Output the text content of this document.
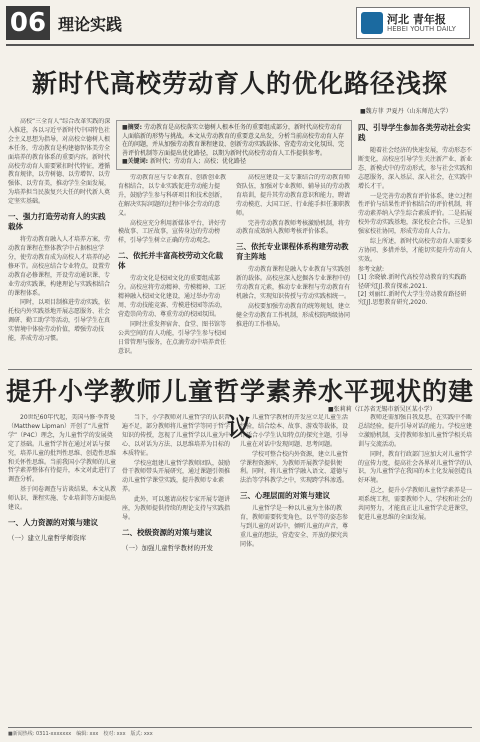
06 理论实践	河北 青年报
HEBEI YOUTH DAILY
新时代高校劳动育人的优化路径浅探
■魏方菲 尹夏丹（山东师范大学）
■摘要: 劳动教育是高校落实立德树人根本任务的重要组成部分，新时代高校劳动育人面临新的形势与挑战。本文从劳动教育的重要意义出发，分析当前高校劳动育人存在的问题，并从加强劳动教育课程建设、创新劳动实践载体、营造劳动文化氛围、完善评价机制等方面提出优化路径，以期为新时代高校劳动育人工作提供参考。
■关键词: 新时代；劳动育人；高校；优化路径

高校“三全育人”综合改革实践的深入推进，各以习近平新时代中国特色社会主义思想为指导，对高校立德树人根本任务，劳动教育是构建德智体美劳全面培养的教育体系的重要内容。新时代高校劳动育人需要紧扣时代特征，遵循教育规律，以劳树德、以劳增智、以劳强体、以劳育美，推动学生全面发展，为培养担当民族复兴大任的时代新人奠定坚实基础。

一、强力打造劳动育人的实践载体

将劳动教育融入人才培养方案，劳动教育课程在整体教学中占据相应学分，使劳动教育成为高校人才培养的必修环节。高校应结合专业特点，设置劳动教育必修课程，开设劳动通识课、专业劳动实践课，构建理论与实践相结合的课程体系。

同时，以项目制推进劳动实践，依托校内外实践基地开展志愿服务、社会调研、勤工助学等活动，引导学生在真实情境中体验劳动价值，增强劳动技能，养成劳动习惯。

劳动教育应与专业教育、创新创业教育相结合，以专业实践促进劳动能力提升，鼓励学生参与科研项目和技术创新，在解决实际问题的过程中体会劳动的意义。

高校应充分利用新媒体平台，讲好劳模故事、工匠故事，宣传身边的劳动榜样，引导学生树立正确的劳动观念。

二、依托并丰富高校劳动文化载体

劳动文化是校园文化的重要组成部分。高校应将劳动精神、劳模精神、工匠精神融入校园文化建设，通过举办劳动周、劳动技能竞赛、劳模进校园等活动，营造崇尚劳动、尊重劳动的校园氛围。

同时注重发挥宿舍、食堂、图书馆等公共空间的育人功能，引导学生参与校园日常管理与服务，在点滴劳动中培养责任意识。

高校应建设一支专兼结合的劳动教育师资队伍，加强对专业教师、辅导员的劳动教育培训，提升其劳动教育意识和能力，聘请劳动模范、大国工匠、行业能手担任兼职教师。

完善劳动教育教师考核激励机制，将劳动教育成效纳入教师考核评价体系。

三、依托专业课程体系构建劳动教育主阵地

劳动教育课程是融入专业教育与实践创新的载体。高校应深入挖掘各专业课程中的劳动教育元素，推动专业课程与劳动教育有机融合，实现知识传授与劳动实践相统一。

高校要加强劳动教育的统筹规划，建立健全劳动教育工作机制，形成校院两级协同推进的工作格局。

四、引导学生参加各类劳动社会实践

随着社会经济的快速发展，劳动形态不断变化，高校应引导学生关注新产业、新业态、新模式中的劳动形式，参与社会实践和志愿服务，深入基层、深入社会，在实践中增长才干。

一是完善劳动教育评价体系，建立过程性评价与结果性评价相结合的评价机制，将劳动素养纳入学生综合素质评价。二是拓展校外劳动实践基地，深化校企合作。三是加强家校社协同，形成劳动育人合力。

综上所述，新时代高校劳动育人需要多方协同、多措并举，才能切实提升劳动育人实效。

参考文献:
[1] 余晓敏.新时代高校劳动教育的实践路径研究[J].教育探索,2021.
[2] 刘丽红.新时代大学生劳动教育路径研究[J].思想教育研究,2020.
提升小学教师儿童哲学素养水平现状的建议
■张莉莉（江苏省无锡市新吴区某小学）

20世纪60年代起，美国马修·李普曼（Matthew Lipman）开创了“儿童哲学”（P4C）理念，为儿童哲学的发展奠定了基础。儿童哲学旨在通过对话与探究，培养儿童的批判性思维、创造性思维和关怀性思维。当前我国小学教师的儿童哲学素养整体有待提升，本文对此进行了调查分析。

基于问卷调查与访谈结果，本文从教师认识、课程实施、专业培训等方面提出建议。

一、人力资源的对策与建议
（一）建立儿童哲学师资库

当下，小学教师对儿童哲学的认识普遍不足，部分教师将儿童哲学等同于哲学知识的传授，忽视了儿童哲学以儿童为中心、以对话为方法、以思维培养为目标的本质特征。

学校应组建儿童哲学教师团队，鼓励骨干教师带头开展研究，通过课题引领推动儿童哲学课堂实践，提升教师专业素养。

此外，可以邀请高校专家开展专题讲座，为教师提供持续的理论支持与实践指导。

二、校级资源的对策与建议
（一）加强儿童哲学教材的开发

儿童哲学教材的开发应立足儿童生活经验，结合绘本、故事、游戏等载体，设计适合小学生认知特点的探究主题，引导儿童在对话中发现问题、思考问题。

学校可整合校内外资源，建立儿童哲学课程资源库，为教师开展教学提供便利。同时，将儿童哲学融入语文、道德与法治等学科教学之中，实现跨学科渗透。

三、心理层面的对策与建议

儿童哲学是一种以儿童为主体的教育，教师需要转变角色，以平等的姿态参与到儿童的对话中，倾听儿童的声音，尊重儿童的想法，营造安全、开放的探究共同体。

教师还需加强自我反思，在实践中不断总结经验，提升引导对话的能力。学校应建立激励机制，支持教师参加儿童哲学相关培训与交流活动。

同时，教育行政部门应加大对儿童哲学的宣传力度，提高社会各界对儿童哲学的认识，为儿童哲学在我国的本土化发展创造良好环境。

总之，提升小学教师儿童哲学素养是一项系统工程，需要教师个人、学校和社会的共同努力，才能真正让儿童哲学走进课堂，促进儿童思维的全面发展。

■新闻热线: 0311-xxxxxxx　编辑: xxx　校对: xxx　版式: xxx
